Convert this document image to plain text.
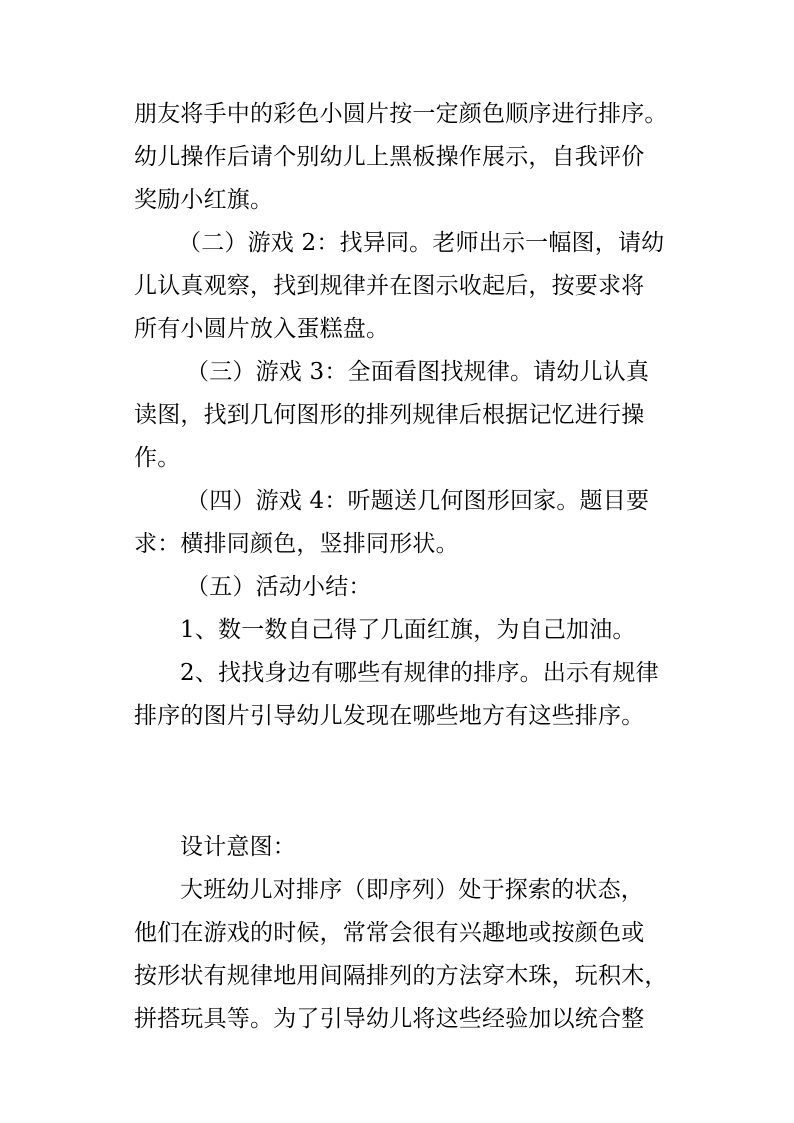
朋友将手中的彩色小圆片按一定颜色顺序进行排序。

幼儿操作后请个别幼儿上黑板操作展示，自我评价

奖励小红旗。

（二）游戏 2：找异同。老师出示一幅图，请幼

儿认真观察，找到规律并在图示收起后，按要求将

所有小圆片放入蛋糕盘。

（三）游戏 3：全面看图找规律。请幼儿认真

读图，找到几何图形的排列规律后根据记忆进行操

作。

（四）游戏 4：听题送几何图形回家。题目要

求：横排同颜色，竖排同形状。

（五）活动小结：

1、数一数自己得了几面红旗，为自己加油。

2、找找身边有哪些有规律的排序。出示有规律

排序的图片引导幼儿发现在哪些地方有这些排序。

设计意图：

大班幼儿对排序（即序列）处于探索的状态，

他们在游戏的时候，常常会很有兴趣地或按颜色或

按形状有规律地用间隔排列的方法穿木珠，玩积木，

拼搭玩具等。为了引导幼儿将这些经验加以统合整
